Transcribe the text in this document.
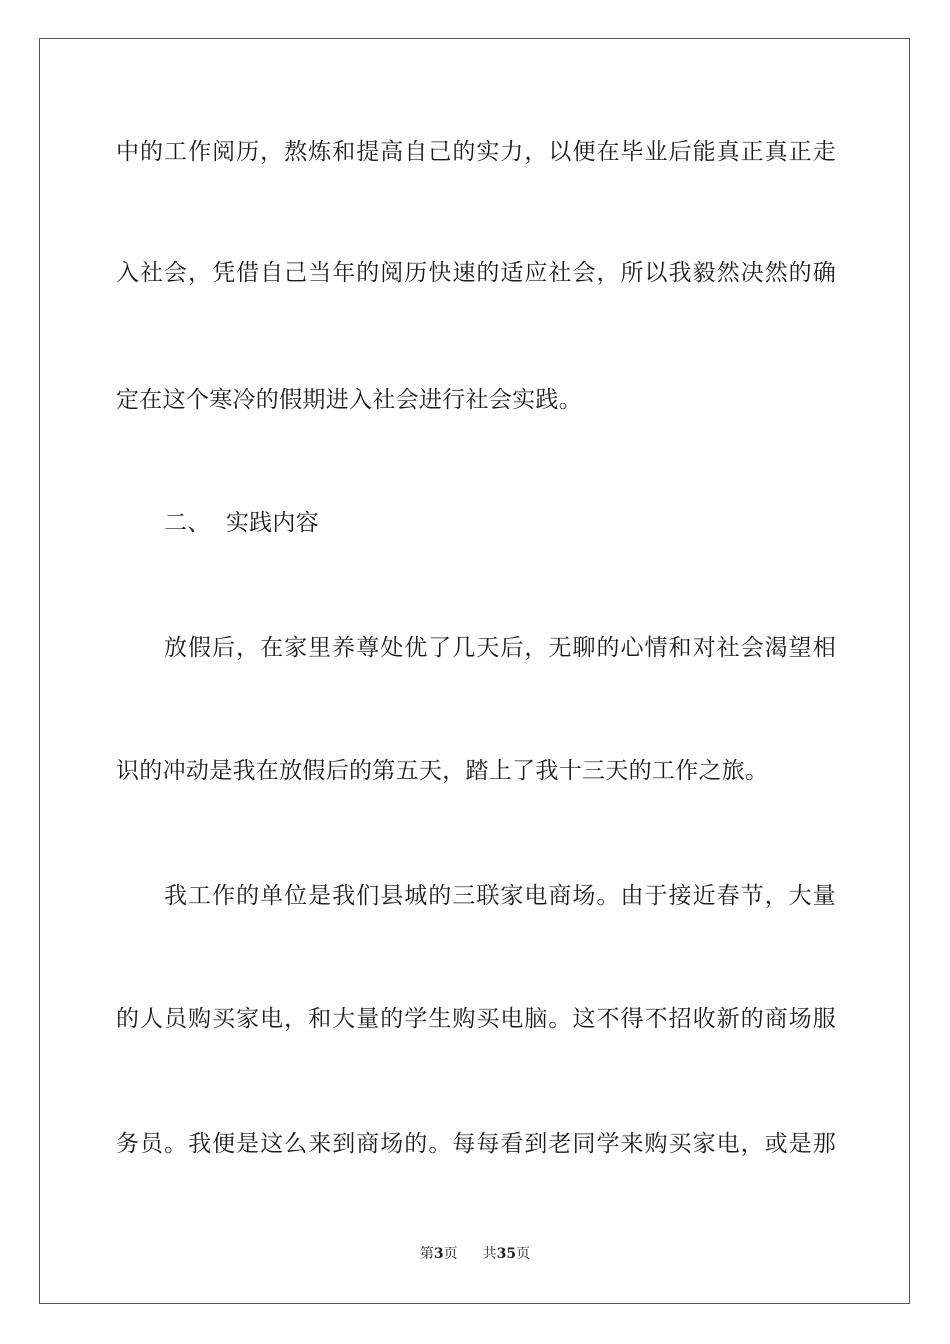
中的工作阅历，熬炼和提高自己的实力，以便在毕业后能真正真正走
入社会，凭借自己当年的阅历快速的适应社会，所以我毅然决然的确
定在这个寒冷的假期进入社会进行社会实践。
二、  实践内容
放假后，在家里养尊处优了几天后，无聊的心情和对社会渴望相
识的冲动是我在放假后的第五天，踏上了我十三天的工作之旅。
我工作的单位是我们县城的三联家电商场。由于接近春节，大量
的人员购买家电，和大量的学生购买电脑。这不得不招收新的商场服
务员。我便是这么来到商场的。每每看到老同学来购买家电，或是那
第3页 共35页
